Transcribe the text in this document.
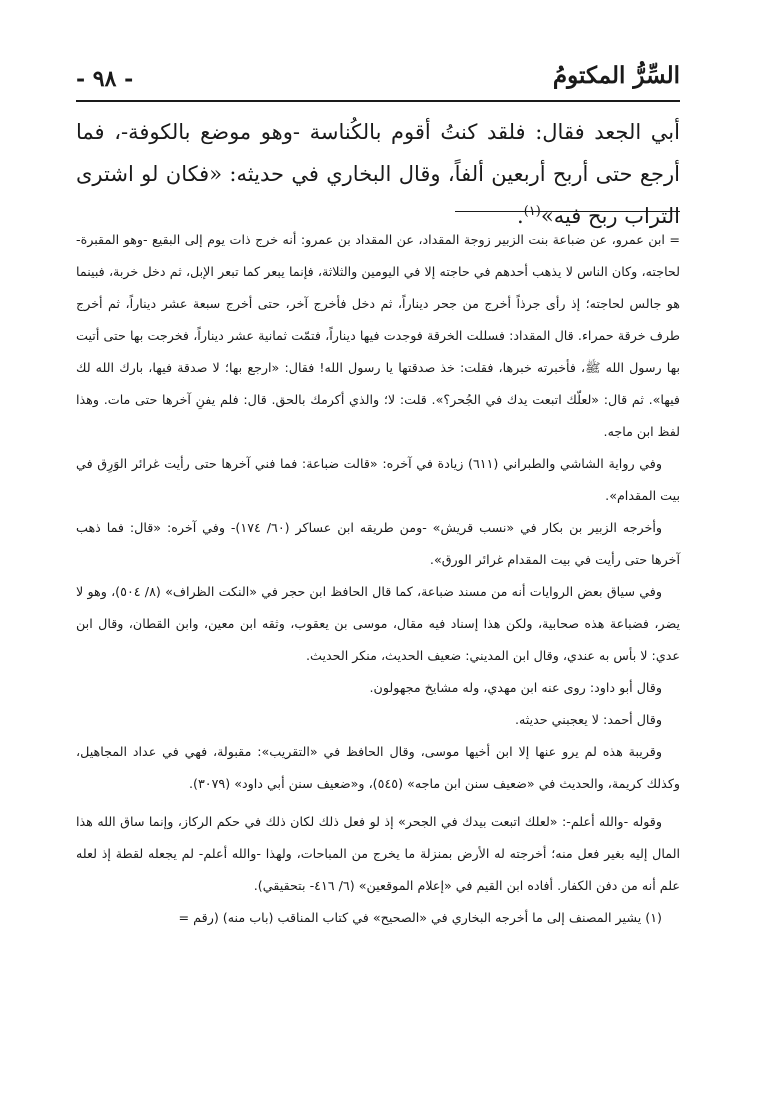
السِّرُّ المكتومُ
- ٩٨ -

أبي الجعد فقال: فلقد كنتُ أقوم بالكُناسة -وهو موضع بالكوفة-، فما أرجع حتى أربح أربعين ألفاً، وقال البخاري في حديثه: «فكان لو اشترى التراب ربح فيه»$^{(١)}$.

= ابن عمرو، عن ضباعة بنت الزبير زوجة المقداد، عن المقداد بن عمرو: أنه خرج ذات يوم إلى البقيع -وهو المقبرة- لحاجته، وكان الناس لا يذهب أحدهم في حاجته إلا في اليومين والثلاثة، فإنما يبعر كما تبعر الإبل، ثم دخل خربة، فبينما هو جالس لحاجته؛ إذ رأى جرذاً أخرج من جحر ديناراً، ثم دخل فأخرج آخر، حتى أخرج سبعة عشر ديناراً، ثم أخرج طرف خرقة حمراء. قال المقداد: فسللت الخرقة فوجدت فيها ديناراً، فتمّت ثمانية عشر ديناراً، فخرجت بها حتى أتيت بها رسول الله ﷺ، فأخبرته خبرها، فقلت: خذ صدقتها يا رسول الله! فقال: «ارجع بها؛ لا صدقة فيها، بارك الله لك فيها». ثم قال: «لعلّك اتبعت يدك في الجُحر؟». قلت: لا؛ والذي أكرمك بالحق. قال: فلم يفنِ آخرها حتى مات. وهذا لفظ ابن ماجه.

وفي رواية الشاشي والطبراني (٦١١) زيادة في آخره: «قالت ضباعة: فما فني آخرها حتى رأيت غرائر الوَرِق في بيت المقدام».

وأخرجه الزبير بن بكار في «نسب قريش» -ومن طريقه ابن عساكر (٦٠/ ١٧٤)- وفي آخره: «قال: فما ذهب آخرها حتى رأيت في بيت المقدام غرائر الورق».

وفي سياق بعض الروايات أنه من مسند ضباعة، كما قال الحافظ ابن حجر في «النكت الظراف» (٨/ ٥٠٤)، وهو لا يضر، فضباعة هذه صحابية، ولكن هذا إسناد فيه مقال، موسى بن يعقوب، وثقه ابن معين، وابن القطان، وقال ابن عدي: لا بأس به عندي، وقال ابن المديني: ضعيف الحديث، منكر الحديث.

وقال أبو داود: روى عنه ابن مهدي، وله مشايخ مجهولون.

وقال أحمد: لا يعجبني حديثه.

وقريبة هذه لم يرو عنها إلا ابن أخيها موسى، وقال الحافظ في «التقريب»: مقبولة، فهي في عداد المجاهيل، وكذلك كريمة، والحديث في «ضعيف سنن ابن ماجه» (٥٤٥)، و«ضعيف سنن أبي داود» (٣٠٧٩).

وقوله -والله أعلم-: «لعلك اتبعت بيدك في الجحر» إذ لو فعل ذلك لكان ذلك في حكم الركاز، وإنما ساق الله هذا المال إليه بغير فعل منه؛ أخرجته له الأرض بمنزلة ما يخرج من المباحات، ولهذا -والله أعلم- لم يجعله لقطة إذ لعله علم أنه من دفن الكفار. أفاده ابن القيم في «إعلام الموقعين» (٦/ ٤١٦- بتحقيقي).

(١) يشير المصنف إلى ما أخرجه البخاري في «الصحيح» في كتاب المناقب (باب منه) (رقم =
